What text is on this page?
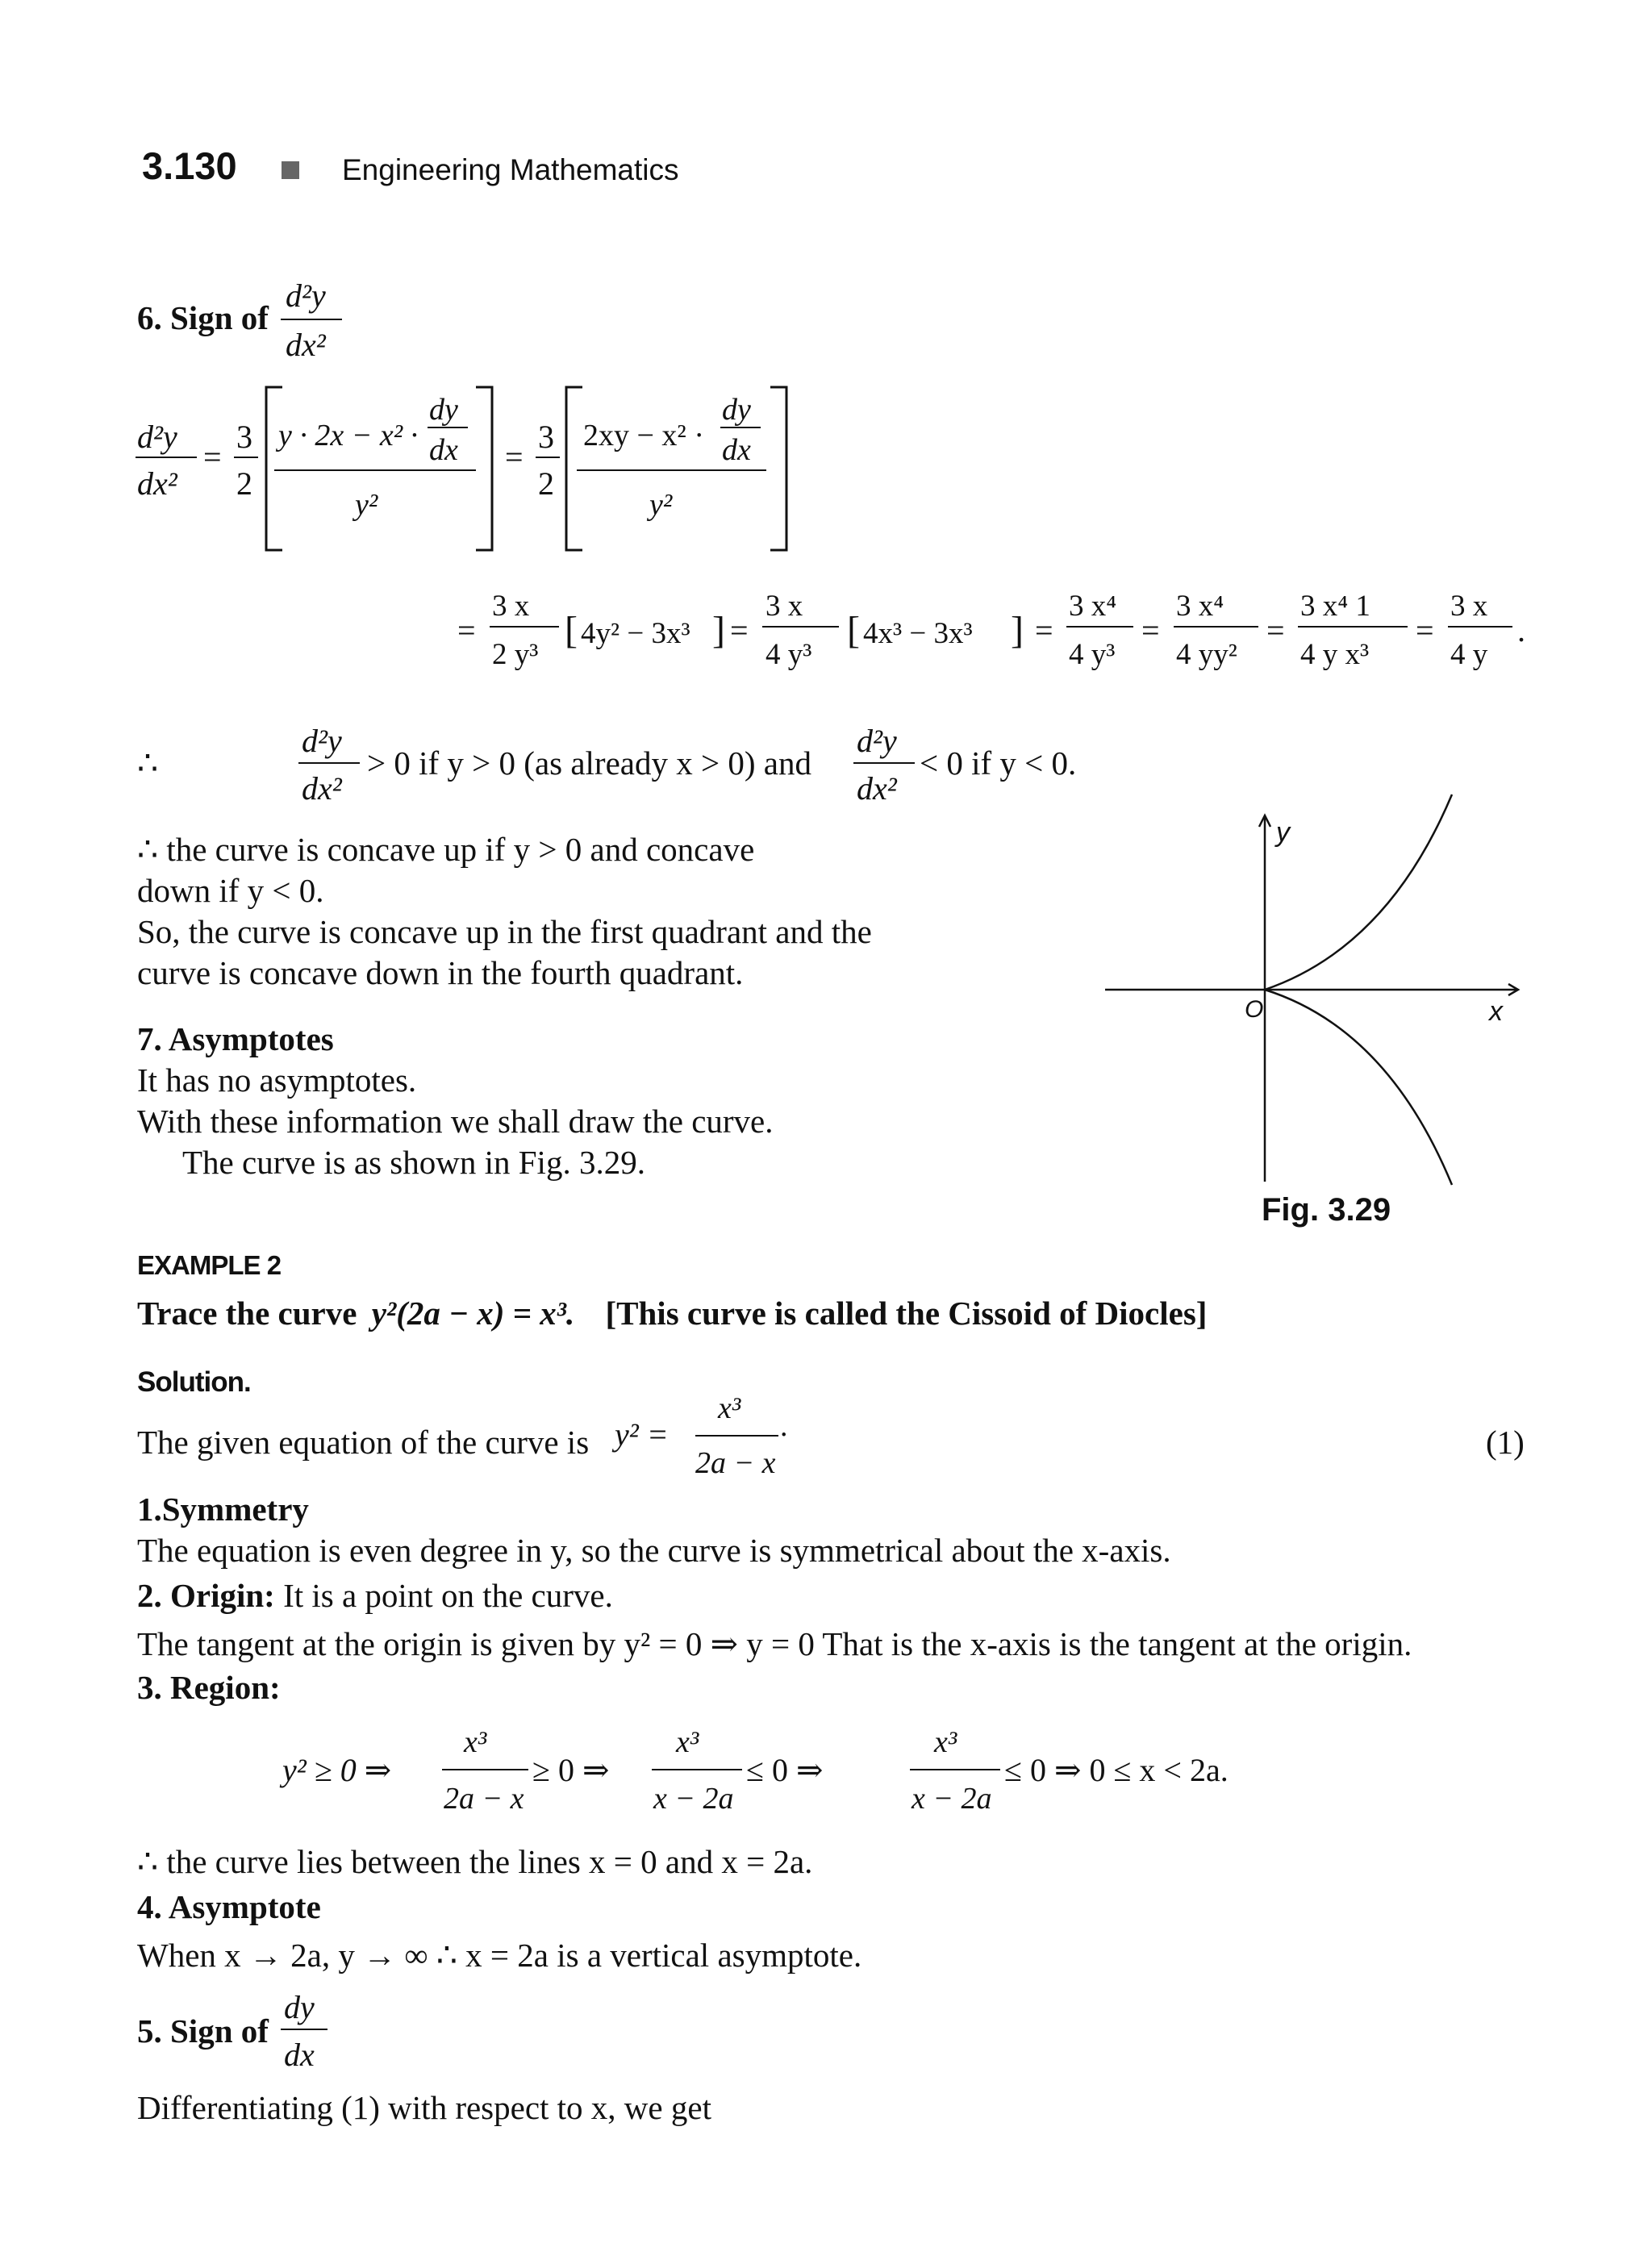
3.130	Engineering Mathematics
6. Sign of
d²y
dx²
d²y
dx²
=
3
2
y · 2x − x² ·
dy
dx
y²
=
3
2
2xy − x² ·
dy
dx
y²
=
3 x
2 y³
[ 4y² − 3x³ ] =
3 x
4 y³
[ 4x³ − 3x³ ] =
3 x⁴
4 y³
=
3 x⁴
4 yy²
=
3 x⁴ 1
4 y x³
=
3 x
4 y
.
∴
d²y
dx²
> 0 if y > 0 (as already x > 0) and
d²y
dx²
< 0 if y < 0.
∴ the curve is concave up if y > 0 and concave
down if y < 0.
So, the curve is concave up in the first quadrant and the
curve is concave down in the fourth quadrant.
7. Asymptotes
It has no asymptotes.
With these information we shall draw the curve.
The curve is as shown in Fig. 3.29.
y
x
O
Fig. 3.29
EXAMPLE 2
Trace the curve y²(2a − x) = x³. [This curve is called the Cissoid of Diocles]
Solution.
The given equation of the curve is y² =
x³
2a − x
.	(1)
1.Symmetry
The equation is even degree in y, so the curve is symmetrical about the x-axis.
2. Origin: It is a point on the curve.
The tangent at the origin is given by y² = 0 ⇒ y = 0 That is the x-axis is the tangent at the origin.
3. Region:
y² ≥ 0 ⇒
x³
2a − x
≥ 0 ⇒
x³
x − 2a
≤ 0 ⇒
x³
x − 2a
≤ 0 ⇒ 0 ≤ x < 2a.
∴ the curve lies between the lines x = 0 and x = 2a.
4. Asymptote
When x → 2a, y → ∞ ∴ x = 2a is a vertical asymptote.
5. Sign of
dy
dx
Differentiating (1) with respect to x, we get
